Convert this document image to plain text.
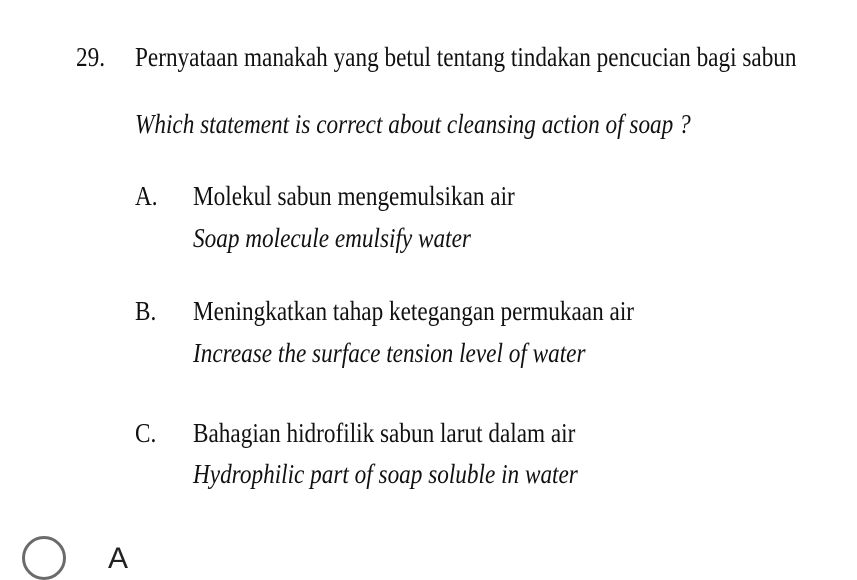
29. Pernyataan manakah yang betul tentang tindakan pencucian bagi sabun
Which statement is correct about cleansing action of soap ?
A. Molekul sabun mengemulsikan air
Soap molecule emulsify water
B. Meningkatkan tahap ketegangan permukaan air
Increase the surface tension level of water
C. Bahagian hidrofilik sabun larut dalam air
Hydrophilic part of soap soluble in water
A
